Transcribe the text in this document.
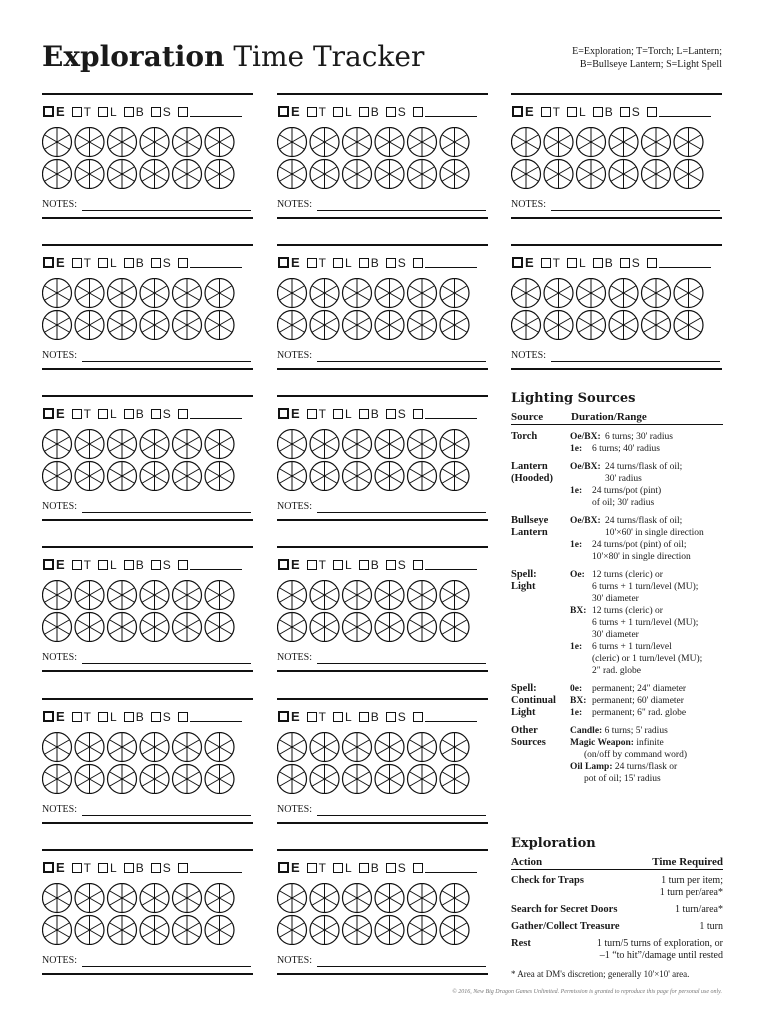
Exploration Time Tracker	E=Exploration; T=Torch; L=Lantern;
B=Bullseye Lantern; S=Light Spell
E T L B S
NOTES:
E T L B S
NOTES:
E T L B S
NOTES:
E T L B S
NOTES:
E T L B S
NOTES:
E T L B S
NOTES:
E T L B S
NOTES:
E T L B S
NOTES:
E T L B S
NOTES:
E T L B S
NOTES:
E T L B S
NOTES:
E T L B S
NOTES:
E T L B S
NOTES:
E T L B S
NOTES:
Lighting Sources
Source	Duration/Range
Torch	Oe/BX: 6 turns; 30' radius
1e:	6 turns; 40' radius
Lantern
(Hooded)
Oe/BX: 24 turns/flask of oil;
30' radius
1e:	24 turns/pot (pint)
of oil; 30' radius
Bullseye
Lantern
Oe/BX: 24 turns/flask of oil;
10'×60' in single direction
1e:	24 turns/pot (pint) of oil;
10'×80' in single direction
Spell:
Light
Oe: 12 turns (cleric) or
6 turns + 1 turn/level (MU);
30' diameter
BX: 12 turns (cleric) or
6 turns + 1 turn/level (MU);
30' diameter
1e:	6 turns + 1 turn/level
(cleric) or 1 turn/level (MU);
2" rad. globe
Spell:
Continual
Light
0e:	permanent; 24" diameter
BX: permanent; 60' diameter
1e:	permanent; 6" rad. globe
Other
Sources
Candle: 6 turns; 5' radius
Magic Weapon: infinite
(on/off by command word)
Oil Lamp: 24 turns/flask or
pot of oil; 15' radius
Exploration
Action	Time Required
Check for Traps	1 turn per item;
1 turn per/area*
Search for Secret Doors	1 turn/area*
Gather/Collect Treasure	1 turn
Rest	1 turn/5 turns of exploration, or
–1 “to hit”/damage until rested
* Area at DM's discretion; generally 10'×10' area.
© 2016, New Big Dragon Games Unlimited. Permission is granted to reproduce this page for personal use only.
